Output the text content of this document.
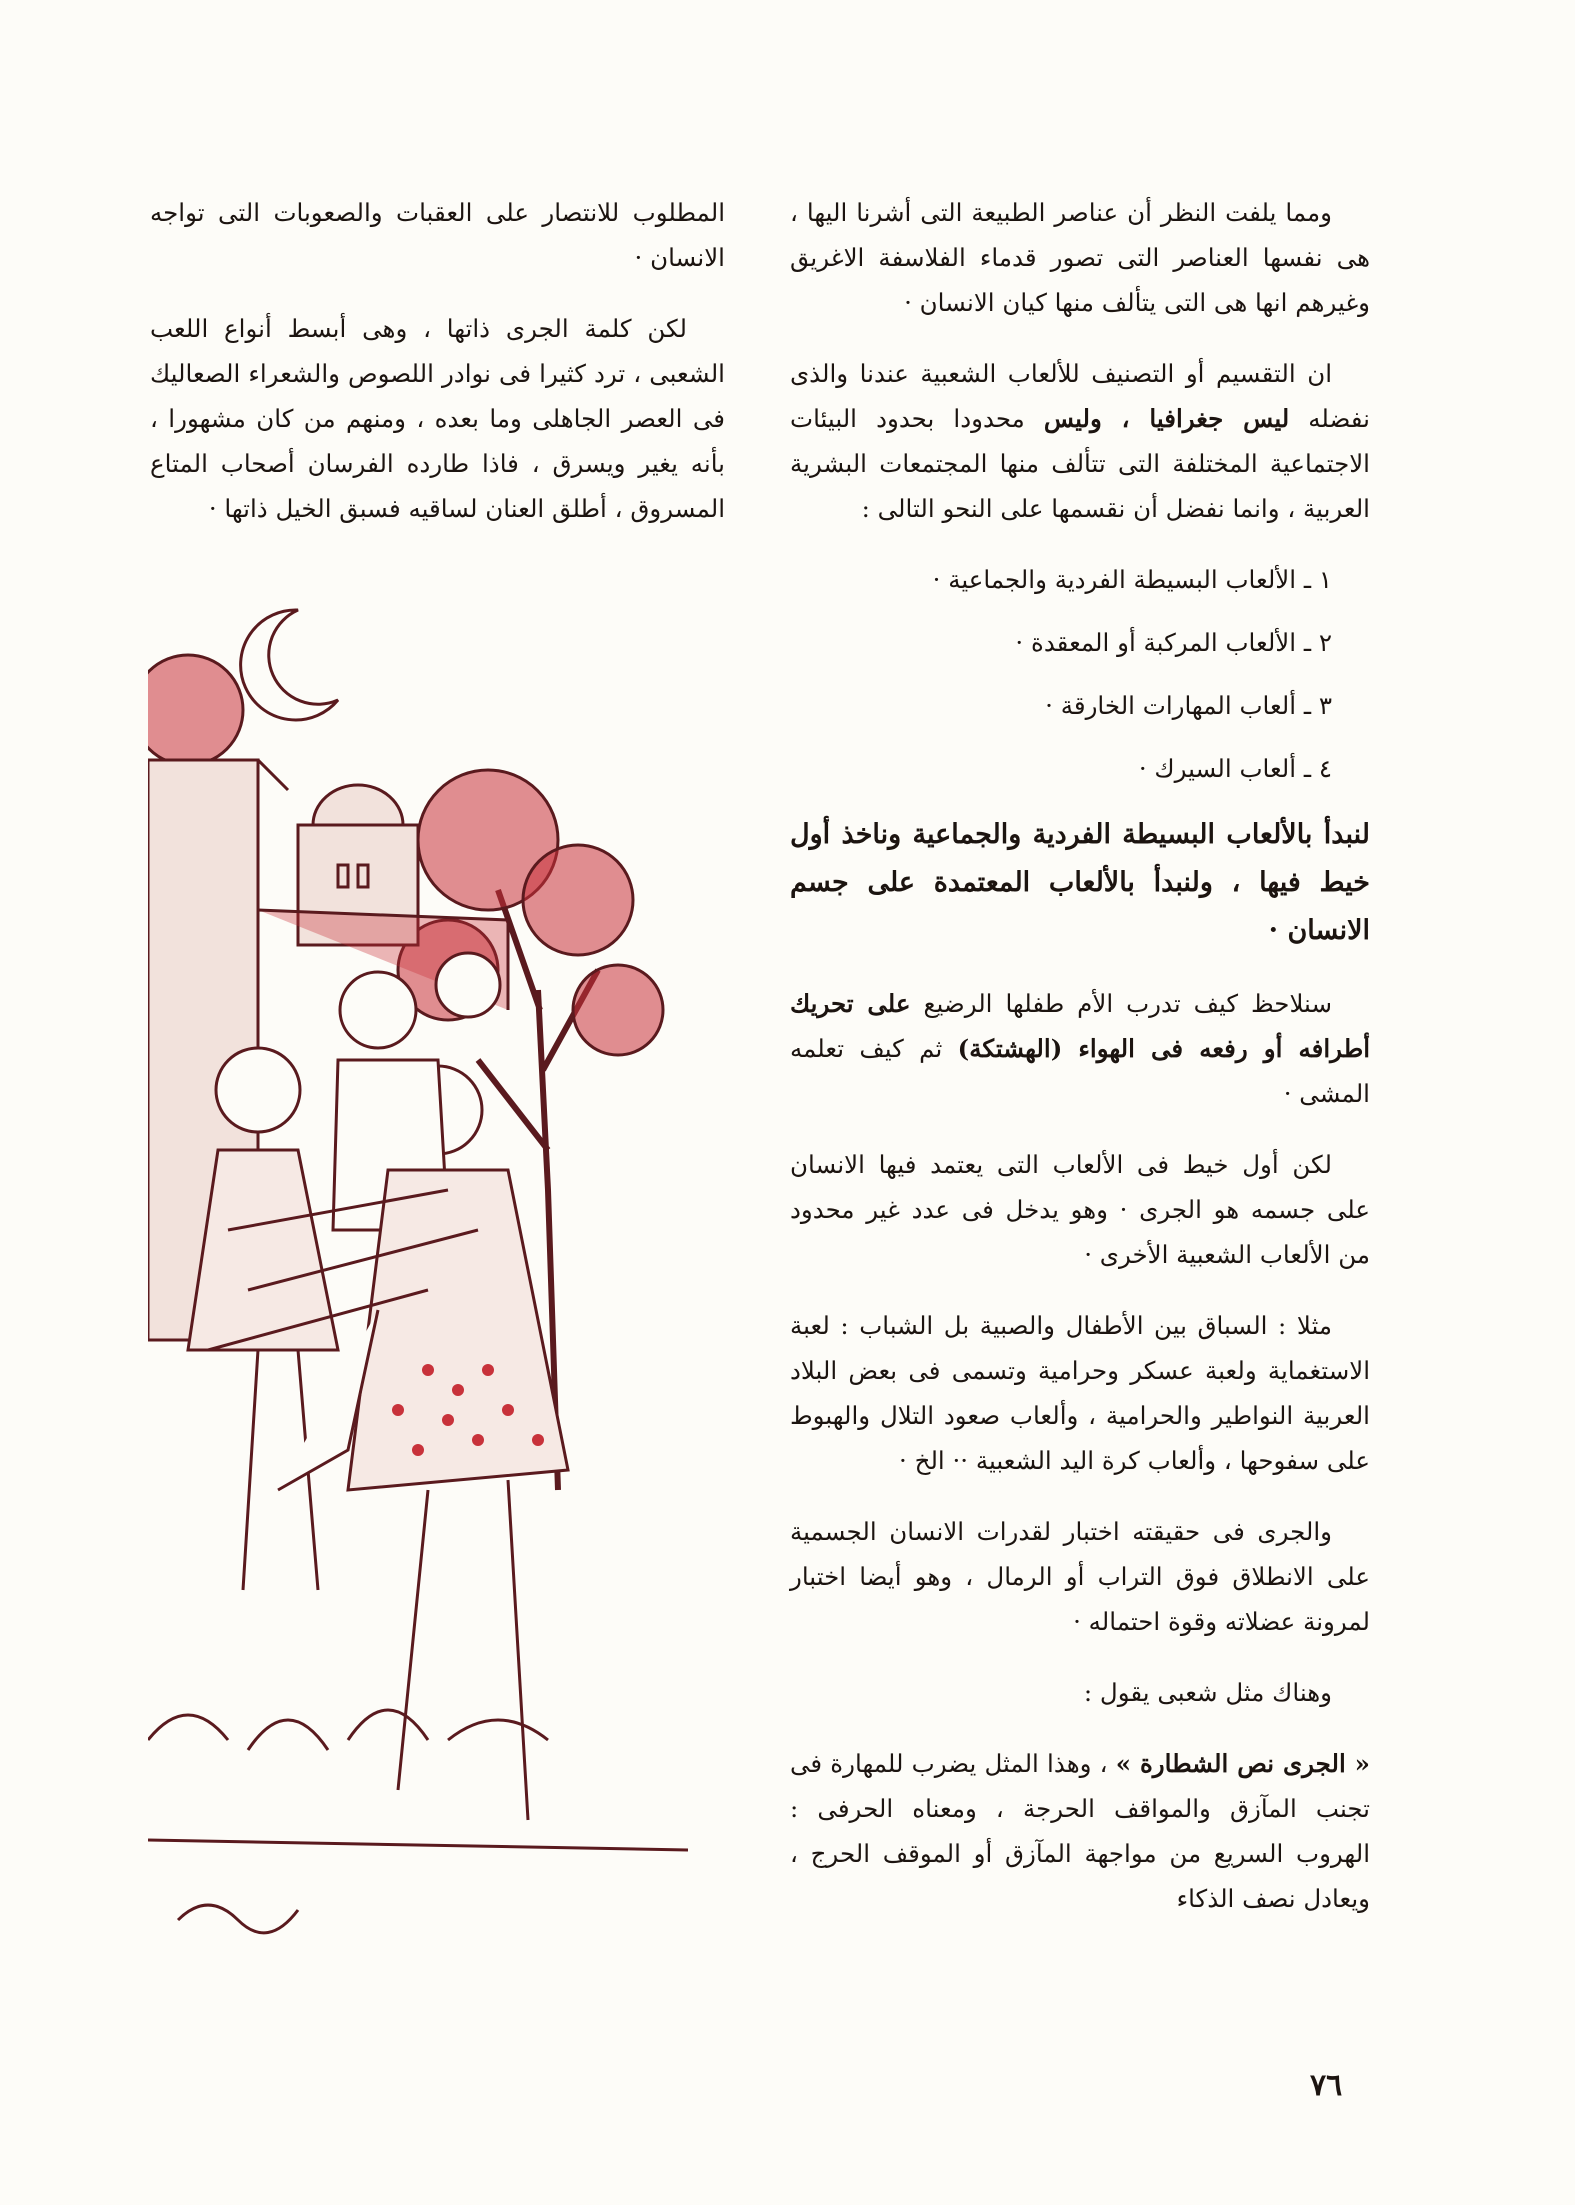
ومما يلفت النظر أن عناصر الطبيعة التى أشرنا اليها ، هى نفسها العناصر التى تصور قدماء الفلاسفة الاغريق وغيرهم انها هى التى يتألف منها كيان الانسان ·

ان التقسيم أو التصنيف للألعاب الشعبية عندنا والذى نفضله ليس جغرافيا ، وليس محدودا بحدود البيئات الاجتماعية المختلفة التى تتألف منها المجتمعات البشرية العربية ، وانما نفضل أن نقسمها على النحو التالى :

١ ـ الألعاب البسيطة الفردية والجماعية ·
٢ ـ الألعاب المركبة أو المعقدة ·
٣ ـ ألعاب المهارات الخارقة ·
٤ ـ ألعاب السيرك ·

لنبدأ بالألعاب البسيطة الفردية والجماعية وناخذ أول خيط فيها ، ولنبدأ بالألعاب المعتمدة على جسم الانسان ·

سنلاحظ كيف تدرب الأم طفلها الرضيع على تحريك أطرافه أو رفعه فى الهواء (الهشتكة) ثم كيف تعلمه المشى ·

لكن أول خيط فى الألعاب التى يعتمد فيها الانسان على جسمه هو الجرى · وهو يدخل فى عدد غير محدود من الألعاب الشعبية الأخرى ·

مثلا : السباق بين الأطفال والصبية بل الشباب : لعبة الاستغماية ولعبة عسكر وحرامية وتسمى فى بعض البلاد العربية النواطير والحرامية ، وألعاب صعود التلال والهبوط على سفوحها ، وألعاب كرة اليد الشعبية ·· الخ ·

والجرى فى حقيقته اختبار لقدرات الانسان الجسمية على الانطلاق فوق التراب أو الرمال ، وهو أيضا اختبار لمرونة عضلاته وقوة احتماله ·

وهناك مثل شعبى يقول :

« الجرى نص الشطارة » ، وهذا المثل يضرب للمهارة فى تجنب المآزق والمواقف الحرجة ، ومعناه الحرفى : الهروب السريع من مواجهة المآزق أو الموقف الحرج ، ويعادل نصف الذكاء

المطلوب للانتصار على العقبات والصعوبات التى تواجه الانسان ·

لكن كلمة الجرى ذاتها ، وهى أبسط أنواع اللعب الشعبى ، ترد كثيرا فى نوادر اللصوص والشعراء الصعاليك فى العصر الجاهلى وما بعده ، ومنهم من كان مشهورا ، بأنه يغير ويسرق ، فاذا طارده الفرسان أصحاب المتاع المسروق ، أطلق العنان لساقيه فسبق الخيل ذاتها ·

٧٦
